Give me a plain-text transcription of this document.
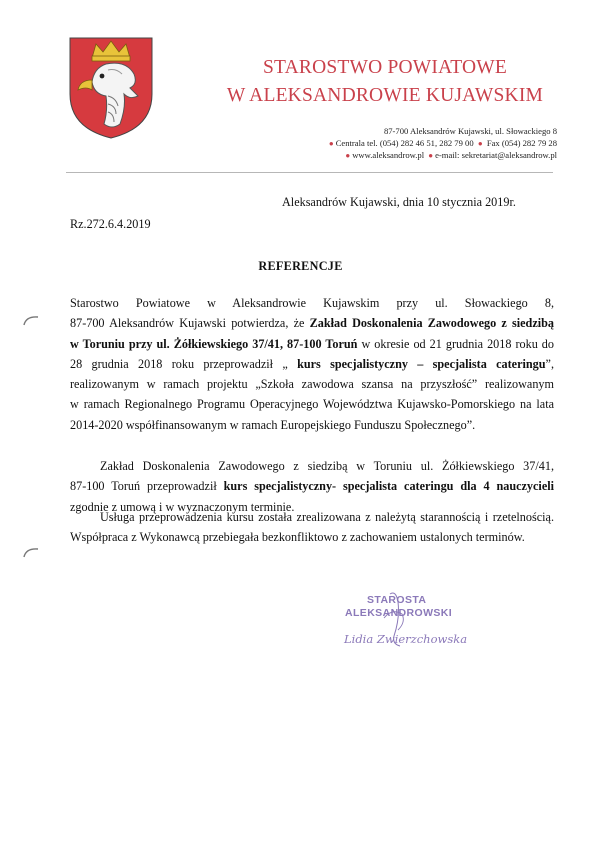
STAROSTWO POWIATOWE
W ALEKSANDROWIE KUJAWSKIM
87-700 Aleksandrów Kujawski, ul. Słowackiego 8
● Centrala tel. (054) 282 46 51, 282 79 00 ● Fax (054) 282 79 28
● www.aleksandrow.pl ● e-mail: sekretariat@aleksandrow.pl
Aleksandrów Kujawski, dnia 10 stycznia 2019r.
Rz.272.6.4.2019
REFERENCJE
Starostwo Powiatowe w Aleksandrowie Kujawskim przy ul. Słowackiego 8,
87-700 Aleksandrów Kujawski potwierdza, że Zakład Doskonalenia Zawodowego z siedzibą
w Toruniu przy ul. Żółkiewskiego 37/41, 87-100 Toruń w okresie od 21 grudnia 2018 roku do
28 grudnia 2018 roku przeprowadził „ kurs specjalistyczny – specjalista cateringu”,
realizowanym w ramach projektu „Szkoła zawodowa szansa na przyszłość” realizowanym
w ramach Regionalnego Programu Operacyjnego Województwa Kujawsko-Pomorskiego na lata
2014-2020 współfinansowanym w ramach Europejskiego Funduszu Społecznego”.
Zakład Doskonalenia Zawodowego z siedzibą w Toruniu ul. Żółkiewskiego 37/41,
87-100 Toruń przeprowadził kurs specjalistyczny- specjalista cateringu dla 4 nauczycieli
zgodnie z umową i w wyznaczonym terminie.
Usługa przeprowadzenia kursu została zrealizowana z należytą starannością i rzetelnością.
Współpraca z Wykonawcą przebiegała bezkonfliktowo z zachowaniem ustalonych terminów.
STAROSTA
ALEKSANDROWSKI
Lidia Zwierzchowska
